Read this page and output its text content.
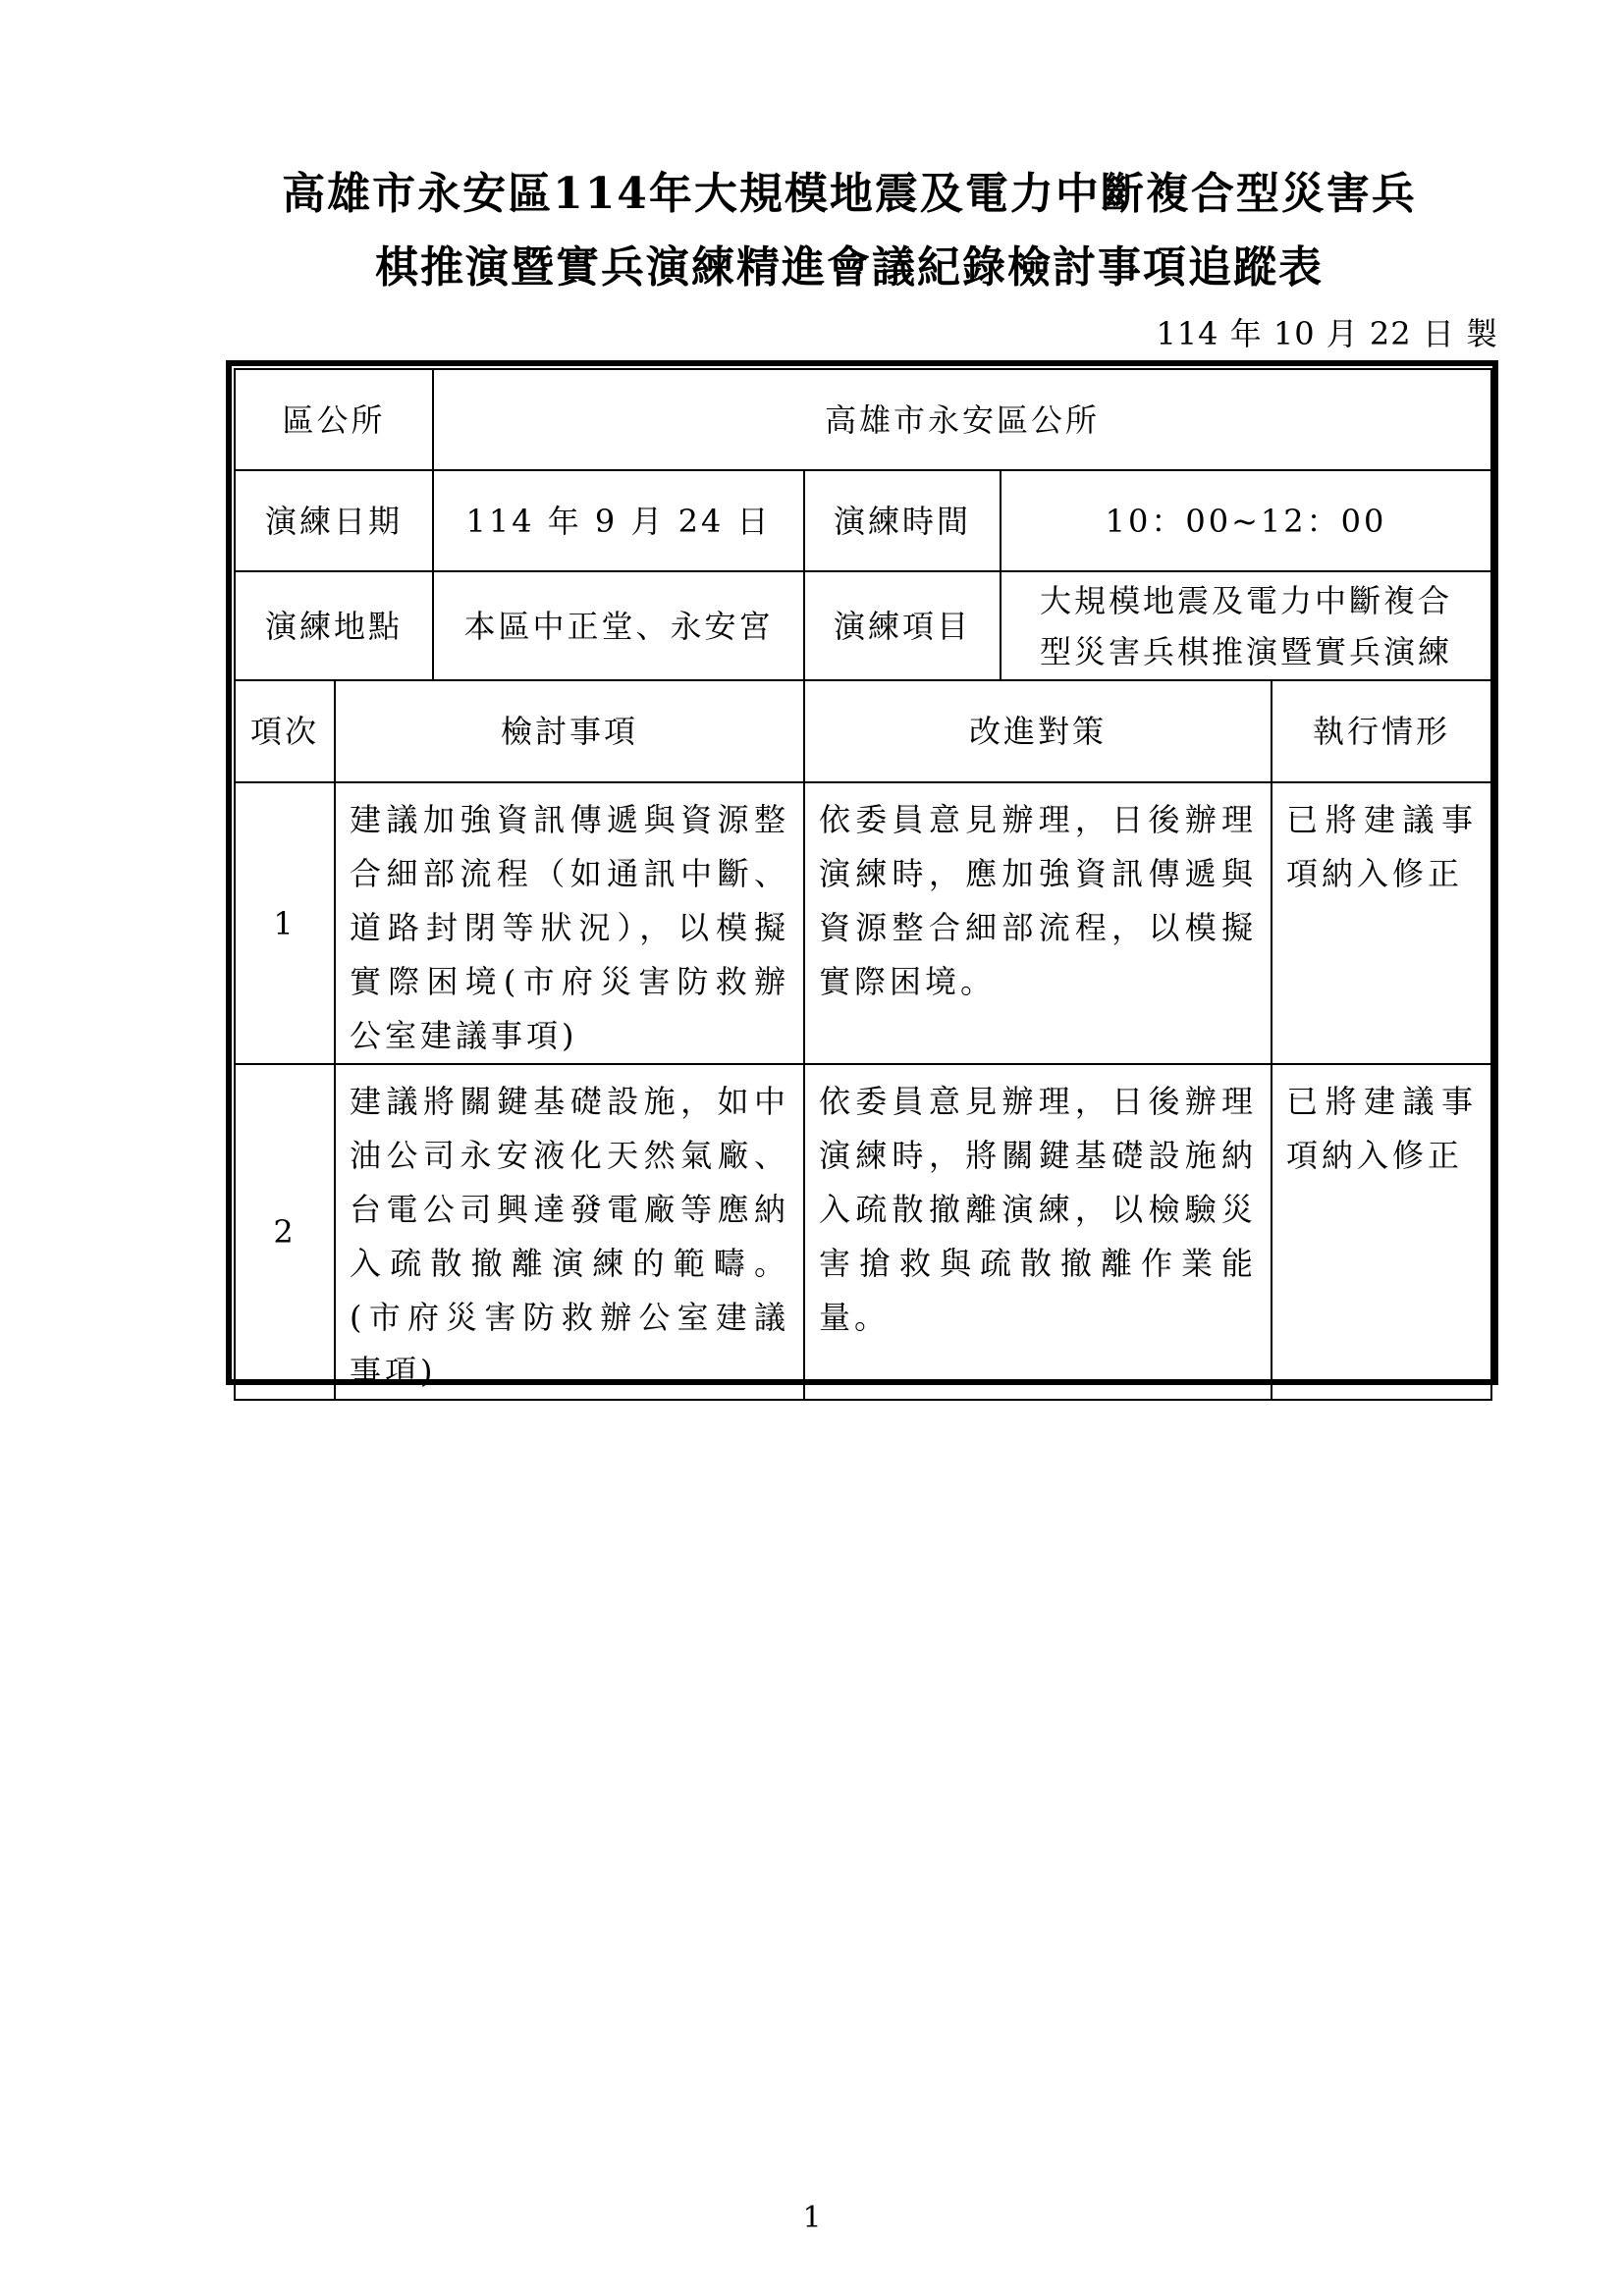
高雄市永安區114年大規模地震及電力中斷複合型災害兵
棋推演暨實兵演練精進會議紀錄檢討事項追蹤表
114 年 10 月 22 日 製
區公所		高雄市永安區公所			
演練日期		114 年 9 月 24 日	演練時間	10：00~12：00	
演練地點		本區中正堂、永安宮	演練項目	大規模地震及電力中斷複合
型災害兵棋推演暨實兵演練	
項次	檢討事項		改進對策		執行情形
1	建議加強資訊傳遞與資源整合細部流程（如通訊中斷、道路封閉等狀況），以模擬實際困境(市府災害防救辦公室建議事項)		依委員意見辦理，日後辦理演練時，應加強資訊傳遞與資源整合細部流程，以模擬實際困境。		已將建議事項納入修正
2	建議將關鍵基礎設施，如中油公司永安液化天然氣廠、台電公司興達發電廠等應納入疏散撤離演練的範疇。(市府災害防救辦公室建議事項)		依委員意見辦理，日後辦理演練時，將關鍵基礎設施納入疏散撤離演練，以檢驗災害搶救與疏散撤離作業能量。		已將建議事項納入修正
1
